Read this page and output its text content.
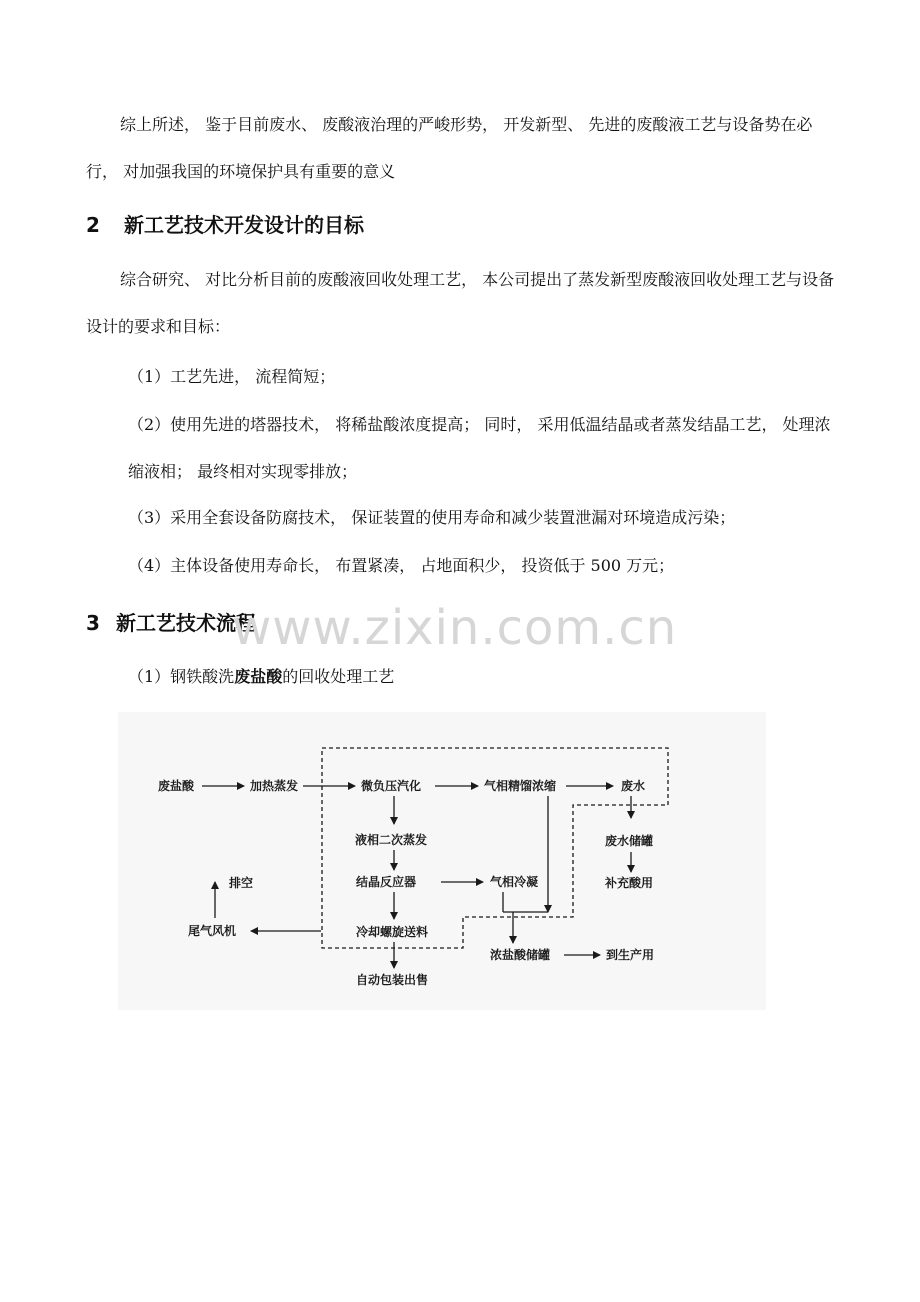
综上所述， 鉴于目前废水、 废酸液治理的严峻形势， 开发新型、 先进的废酸液工艺与设备势在必行， 对加强我国的环境保护具有重要的意义

2 新工艺技术开发设计的目标

综合研究、 对比分析目前的废酸液回收处理工艺， 本公司提出了蒸发新型废酸液回收处理工艺与设备设计的要求和目标：

（1）工艺先进， 流程简短；

（2）使用先进的塔器技术， 将稀盐酸浓度提高； 同时， 采用低温结晶或者蒸发结晶工艺， 处理浓缩液相； 最终相对实现零排放；

（3）采用全套设备防腐技术， 保证装置的使用寿命和减少装置泄漏对环境造成污染；

（4）主体设备使用寿命长， 布置紧凑， 占地面积少， 投资低于 500 万元；

3 新工艺技术流程
www.zixin.com.cn

（1）钢铁酸洗废盐酸的回收处理工艺

废盐酸	加热蒸发	微负压汽化	气相精馏浓缩	废水
液相二次蒸发	废水储罐
结晶反应器	气相冷凝	补充酸用
排空
尾气风机	冷却螺旋送料
浓盐酸储罐	到生产用
自动包装出售
